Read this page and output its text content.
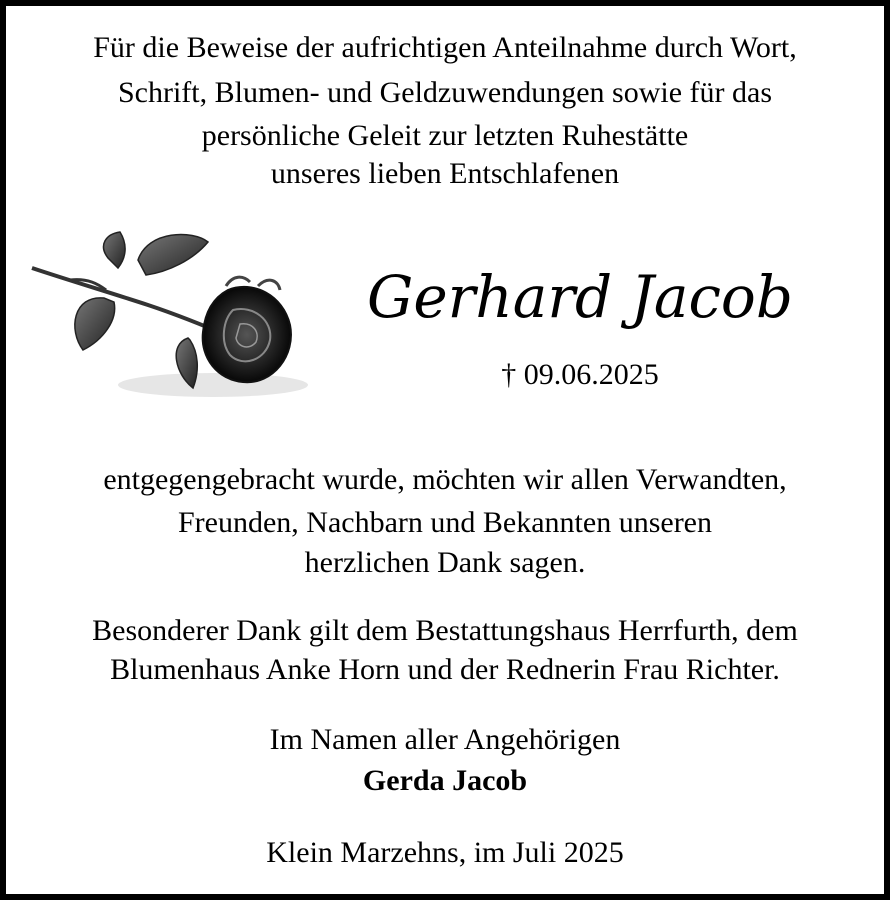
Für die Beweise der aufrichtigen Anteilnahme durch Wort,
Schrift, Blumen- und Geldzuwendungen sowie für das
persönliche Geleit zur letzten Ruhestätte
unseres lieben Entschlafenen
Gerhard Jacob
† 09.06.2025
entgegengebracht wurde, möchten wir allen Verwandten,
Freunden, Nachbarn und Bekannten unseren
herzlichen Dank sagen.
Besonderer Dank gilt dem Bestattungshaus Herrfurth, dem
Blumenhaus Anke Horn und der Rednerin Frau Richter.
Im Namen aller Angehörigen
Gerda Jacob
Klein Marzehns, im Juli 2025
